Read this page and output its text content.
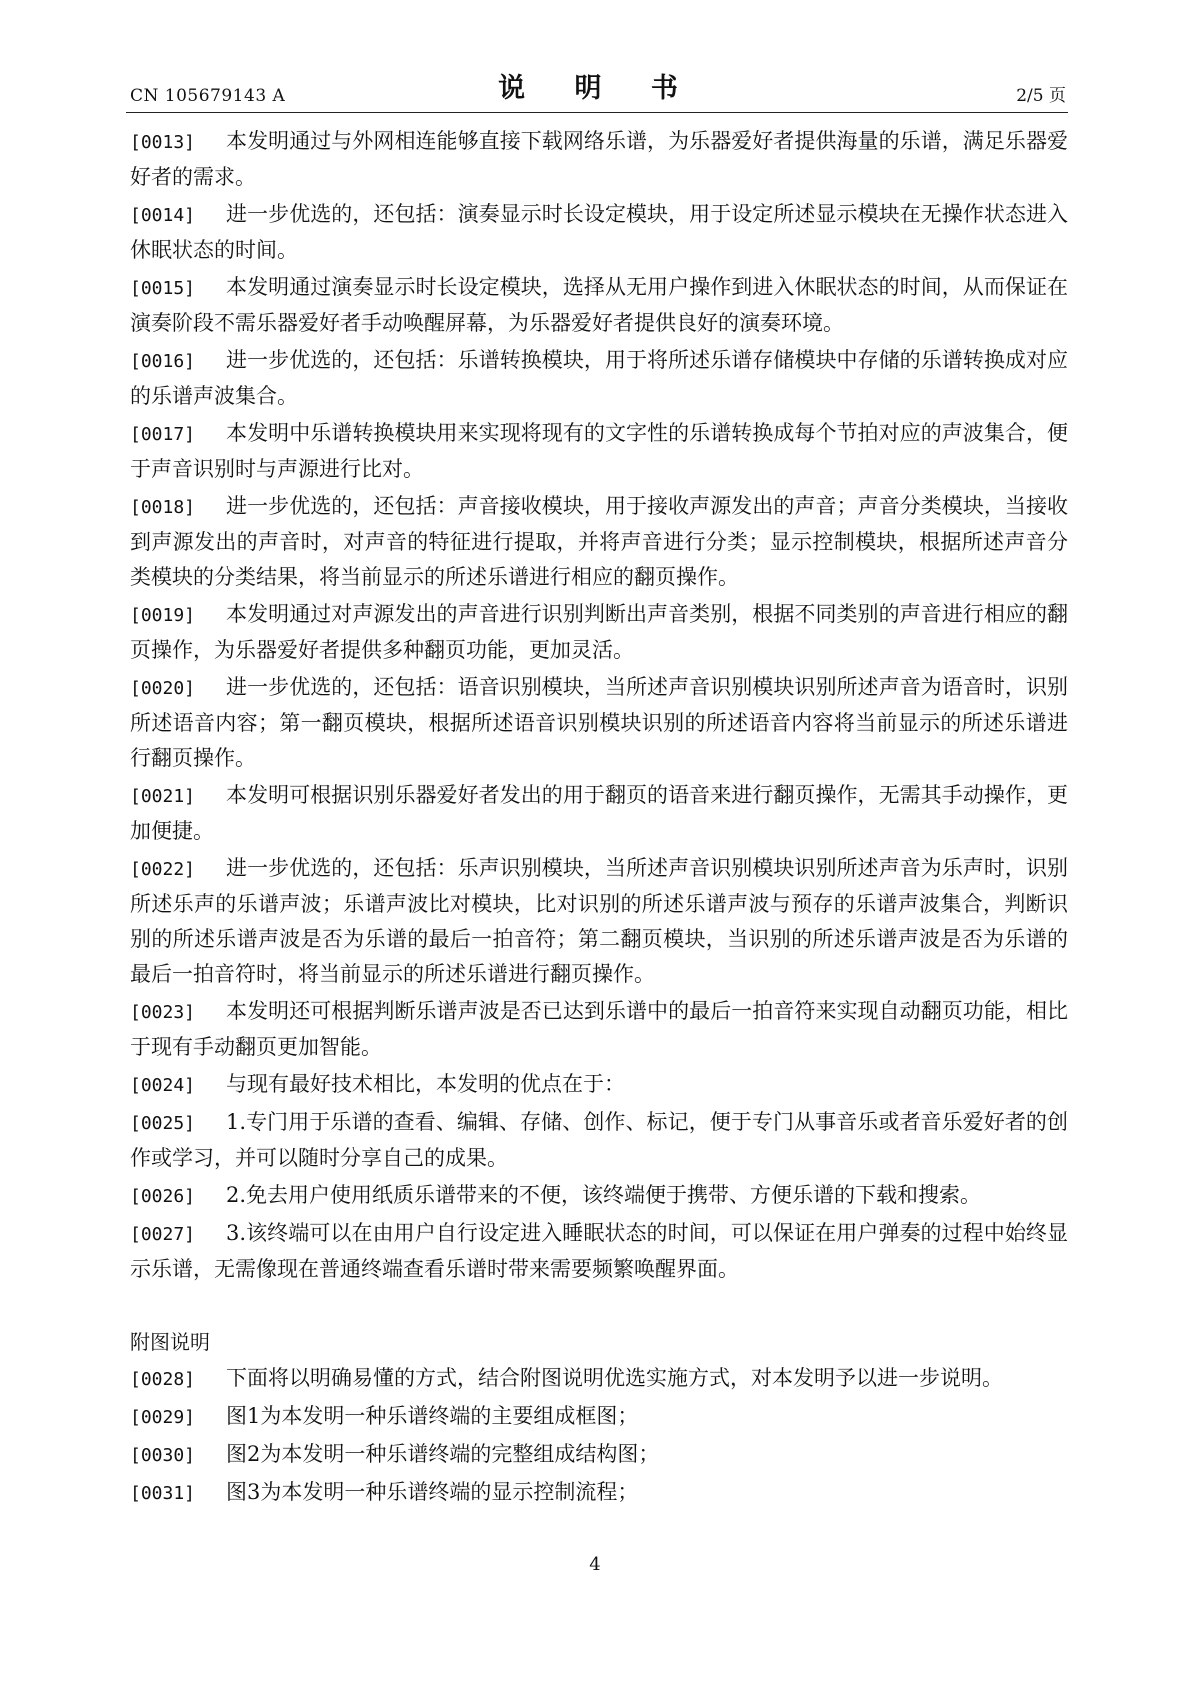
CN 105679143 A	说 明 书	2/5 页
[0013] 本发明通过与外网相连能够直接下载网络乐谱，为乐器爱好者提供海量的乐谱，满足乐器爱好者的需求。
[0014] 进一步优选的，还包括：演奏显示时长设定模块，用于设定所述显示模块在无操作状态进入休眠状态的时间。
[0015] 本发明通过演奏显示时长设定模块，选择从无用户操作到进入休眠状态的时间，从而保证在演奏阶段不需乐器爱好者手动唤醒屏幕，为乐器爱好者提供良好的演奏环境。
[0016] 进一步优选的，还包括：乐谱转换模块，用于将所述乐谱存储模块中存储的乐谱转换成对应的乐谱声波集合。
[0017] 本发明中乐谱转换模块用来实现将现有的文字性的乐谱转换成每个节拍对应的声波集合，便于声音识别时与声源进行比对。
[0018] 进一步优选的，还包括：声音接收模块，用于接收声源发出的声音；声音分类模块，当接收到声源发出的声音时，对声音的特征进行提取，并将声音进行分类；显示控制模块，根据所述声音分类模块的分类结果，将当前显示的所述乐谱进行相应的翻页操作。
[0019] 本发明通过对声源发出的声音进行识别判断出声音类别，根据不同类别的声音进行相应的翻页操作，为乐器爱好者提供多种翻页功能，更加灵活。
[0020] 进一步优选的，还包括：语音识别模块，当所述声音识别模块识别所述声音为语音时，识别所述语音内容；第一翻页模块，根据所述语音识别模块识别的所述语音内容将当前显示的所述乐谱进行翻页操作。
[0021] 本发明可根据识别乐器爱好者发出的用于翻页的语音来进行翻页操作，无需其手动操作，更加便捷。
[0022] 进一步优选的，还包括：乐声识别模块，当所述声音识别模块识别所述声音为乐声时，识别所述乐声的乐谱声波；乐谱声波比对模块，比对识别的所述乐谱声波与预存的乐谱声波集合，判断识别的所述乐谱声波是否为乐谱的最后一拍音符；第二翻页模块，当识别的所述乐谱声波是否为乐谱的最后一拍音符时，将当前显示的所述乐谱进行翻页操作。
[0023] 本发明还可根据判断乐谱声波是否已达到乐谱中的最后一拍音符来实现自动翻页功能，相比于现有手动翻页更加智能。
[0024] 与现有最好技术相比，本发明的优点在于：
[0025] 1.专门用于乐谱的查看、编辑、存储、创作、标记，便于专门从事音乐或者音乐爱好者的创作或学习，并可以随时分享自己的成果。
[0026] 2.免去用户使用纸质乐谱带来的不便，该终端便于携带、方便乐谱的下载和搜索。
[0027] 3.该终端可以在由用户自行设定进入睡眠状态的时间，可以保证在用户弹奏的过程中始终显示乐谱，无需像现在普通终端查看乐谱时带来需要频繁唤醒界面。
附图说明
[0028] 下面将以明确易懂的方式，结合附图说明优选实施方式，对本发明予以进一步说明。
[0029] 图1为本发明一种乐谱终端的主要组成框图；
[0030] 图2为本发明一种乐谱终端的完整组成结构图；
[0031] 图3为本发明一种乐谱终端的显示控制流程；
4
